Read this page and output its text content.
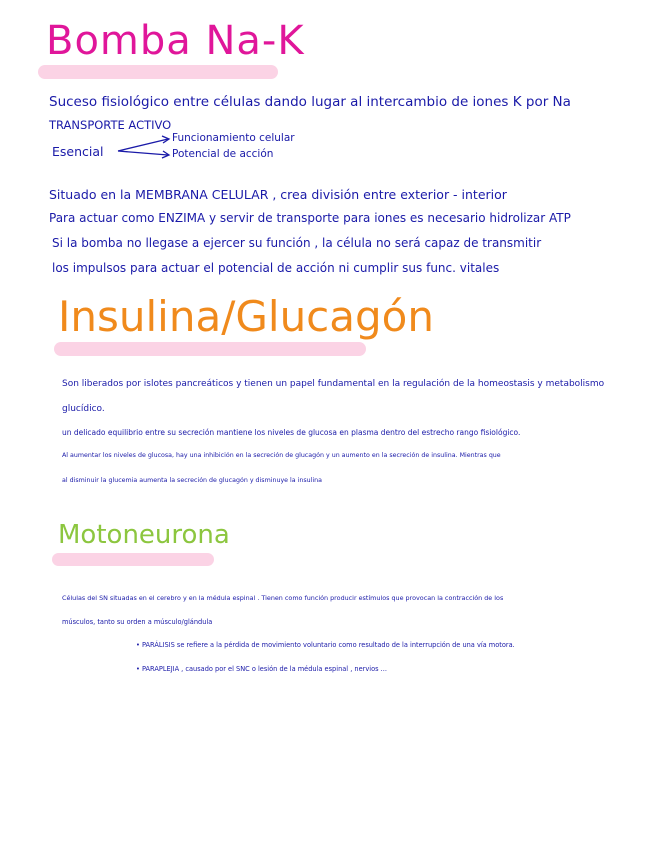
Bomba Na-K
Suceso fisiológico entre células dando lugar al intercambio de iones K por Na
TRANSPORTE ACTIVO
Esencial
Funcionamiento celular
Potencial de acción
Situado en la MEMBRANA CELULAR , crea división entre exterior - interior
Para actuar como ENZIMA y servir de transporte para iones es necesario hidrolizar ATP
Si la bomba no llegase a ejercer su función , la célula no será capaz de transmitir
los impulsos para actuar el potencial de acción ni cumplir sus func. vitales
Insulina/Glucagón
Son liberados por islotes pancreáticos y tienen un papel fundamental en la regulación de la homeostasis y metabolismo
glucídico.
un delicado equilibrio entre su secreción mantiene los niveles de glucosa en plasma dentro del estrecho rango fisiológico.
Al aumentar los niveles de glucosa, hay una inhibición en la secreción de glucagón y un aumento en la secreción de insulina. Mientras que
al disminuir la glucemia aumenta la secreción de glucagón y disminuye la insulina
Motoneurona
Células del SN situadas en el cerebro y en la médula espinal . Tienen como función producir estímulos que provocan la contracción de los
músculos, tanto su orden a músculo/glándula
• PARÁLISIS se refiere a la pérdida de movimiento voluntario como resultado de la interrupción de una vía motora.
• PARAPLEJIA , causado por el SNC o lesión de la médula espinal , nervios ...
